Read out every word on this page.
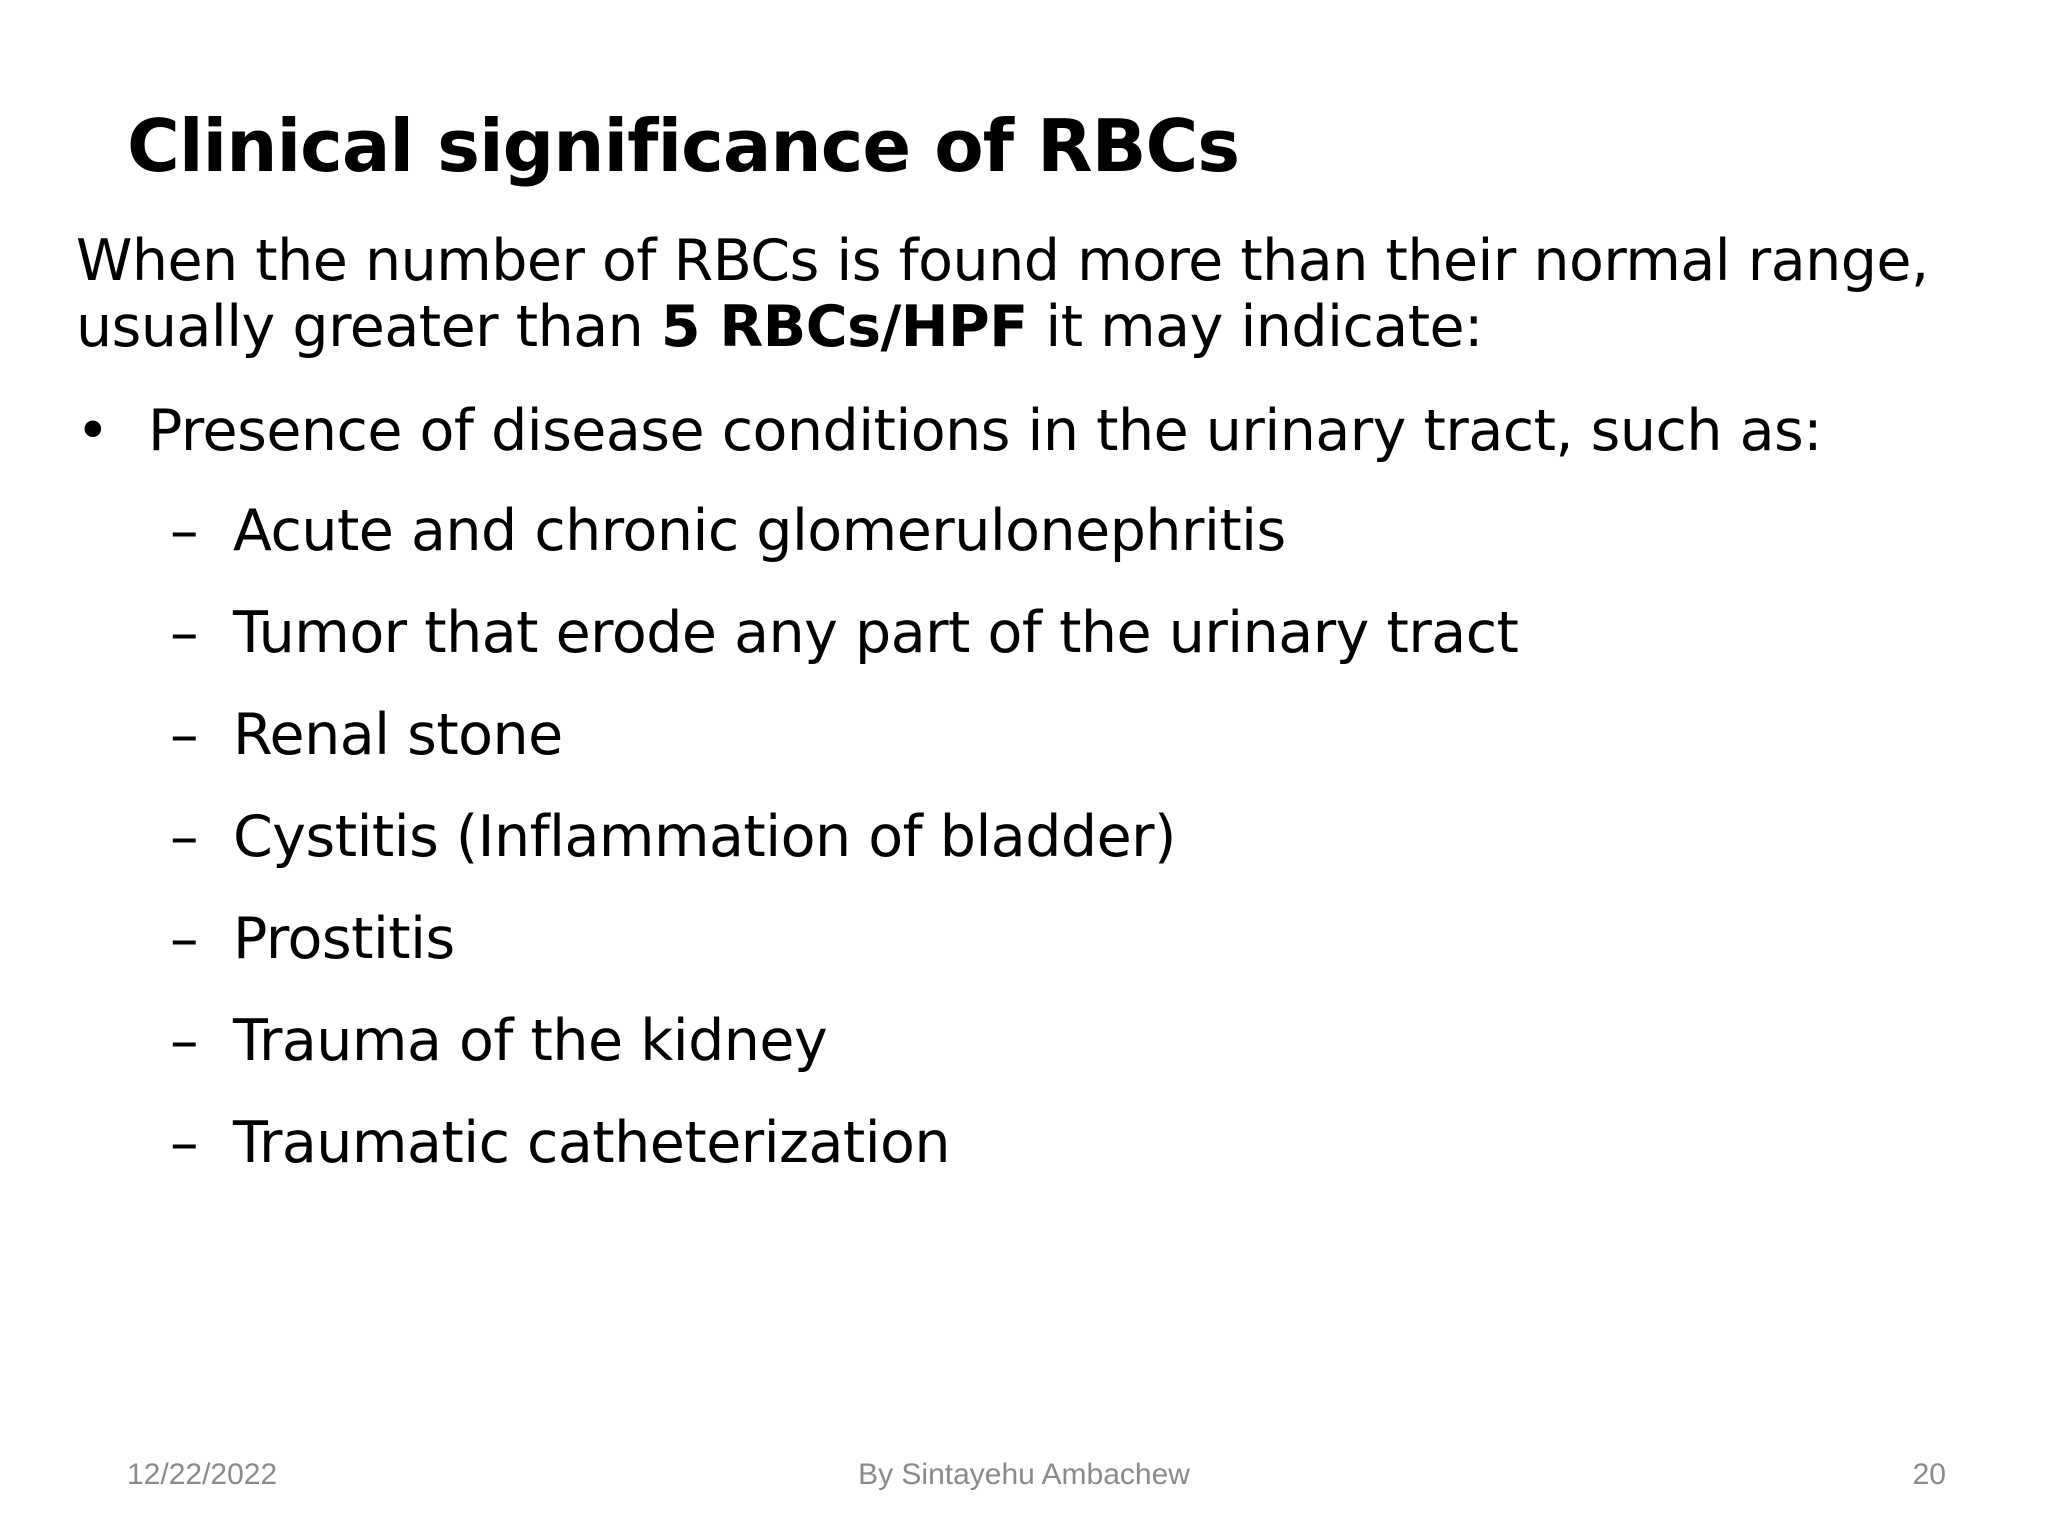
Clinical significance of RBCs
When the number of RBCs is found more than their normal range, usually greater than 5 RBCs/HPF it may indicate:
• Presence of disease conditions in the urinary tract, such as:
– Acute and chronic glomerulonephritis
– Tumor that erode any part of the urinary tract
– Renal stone
– Cystitis (Inflammation of bladder)
– Prostitis
– Trauma of the kidney
– Traumatic catheterization
12/22/2022	By Sintayehu Ambachew	20
